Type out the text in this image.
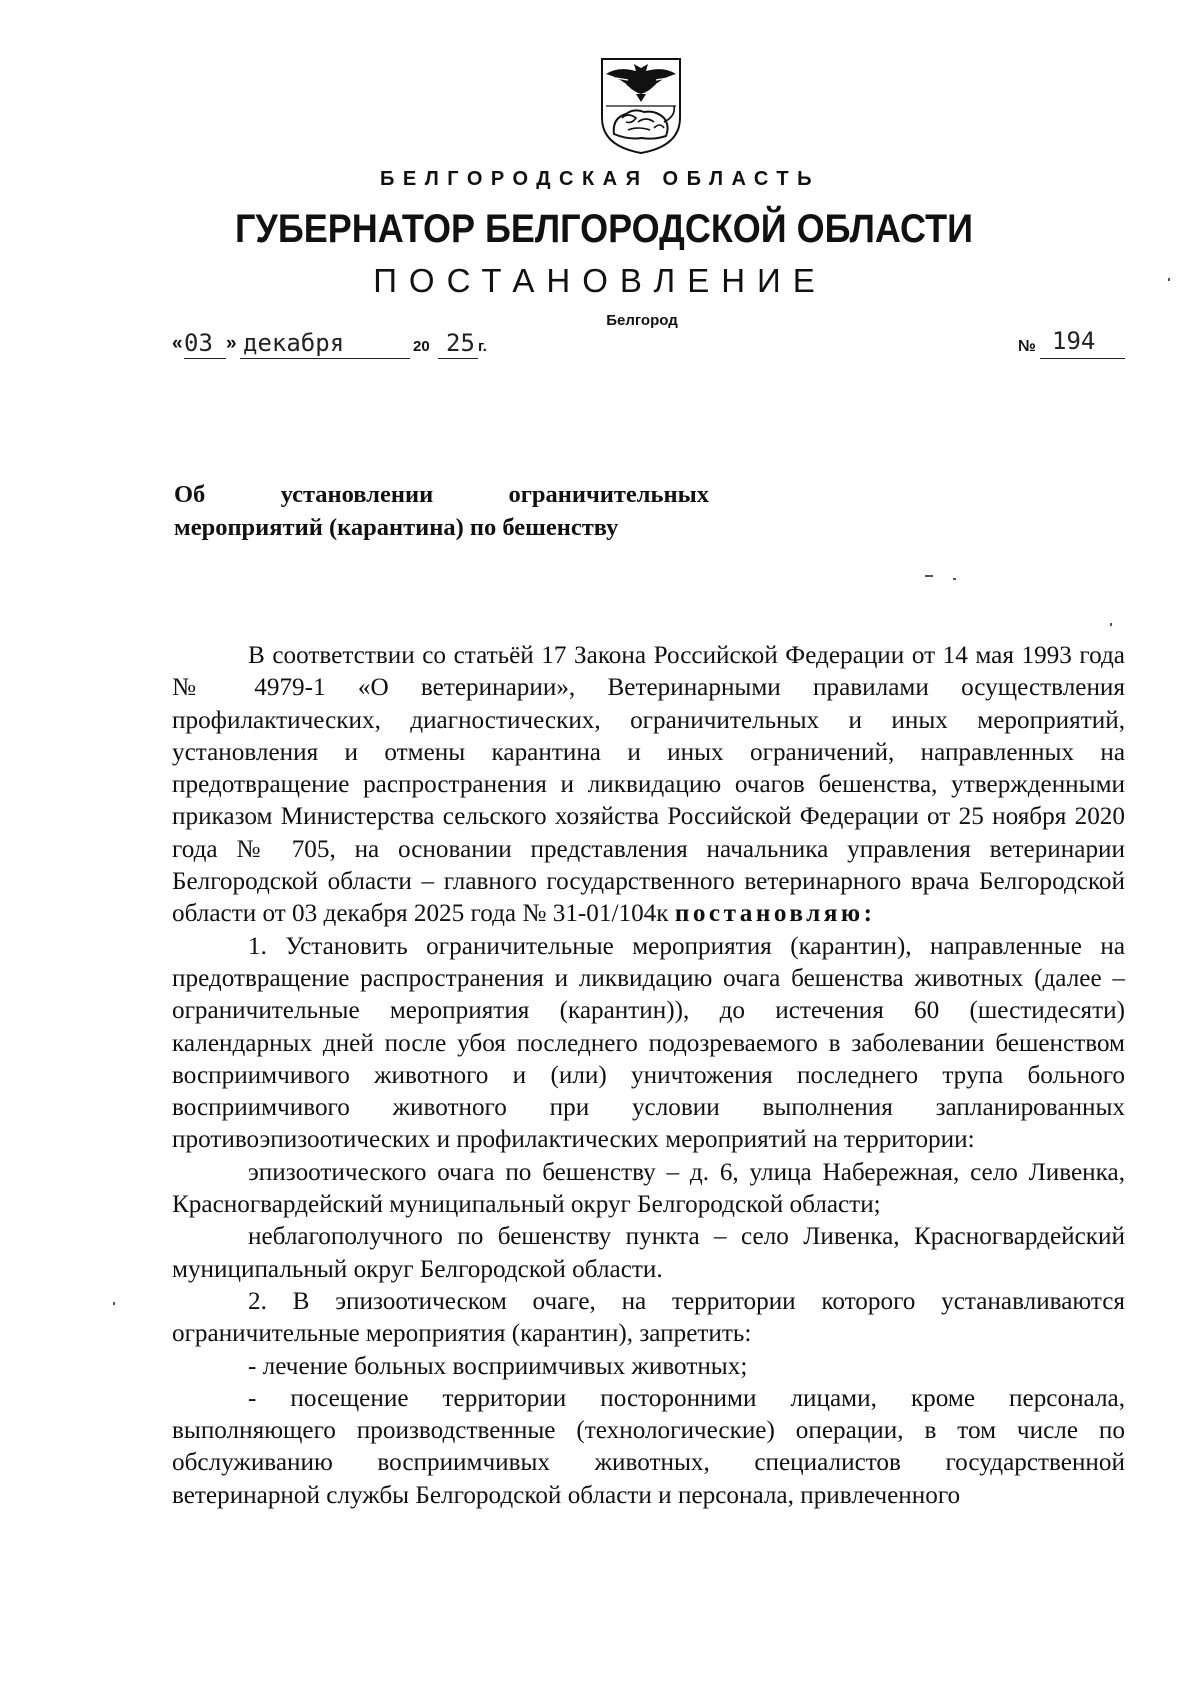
БЕЛГОРОДСКАЯ ОБЛАСТЬ
ГУБЕРНАТОР БЕЛГОРОДСКОЙ ОБЛАСТИ
ПОСТАНОВЛЕНИЕ
Белгород
« 03 » декабря	20 25 г.	№ 194
Об	установлении	ограничительных
мероприятий (карантина) по бешенству

В соответствии со статьёй 17 Закона Российской Федерации от 14 мая 1993 года № 4979-1 «О ветеринарии», Ветеринарными правилами осуществления профилактических, диагностических, ограничительных и иных мероприятий, установления и отмены карантина и иных ограничений, направленных на предотвращение распространения и ликвидацию очагов бешенства, утвержденными приказом Министерства сельского хозяйства Российской Федерации от 25 ноября 2020 года № 705, на основании представления начальника управления ветеринарии Белгородской области – главного государственного ветеринарного врача Белгородской области от 03 декабря 2025 года № 31-01/104к постановляю:

1. Установить ограничительные мероприятия (карантин), направленные на предотвращение распространения и ликвидацию очага бешенства животных (далее – ограничительные мероприятия (карантин)), до истечения 60 (шестидесяти) календарных дней после убоя последнего подозреваемого в заболевании бешенством восприимчивого животного и (или) уничтожения последнего трупа больного восприимчивого животного при условии выполнения запланированных противоэпизоотических и профилактических мероприятий на территории:

эпизоотического очага по бешенству – д. 6, улица Набережная, село Ливенка, Красногвардейский муниципальный округ Белгородской области;

неблагополучного по бешенству пункта – село Ливенка, Красногвардейский муниципальный округ Белгородской области.

2. В эпизоотическом очаге, на территории которого устанавливаются ограничительные мероприятия (карантин), запретить:

- лечение больных восприимчивых животных;

- посещение территории посторонними лицами, кроме персонала, выполняющего производственные (технологические) операции, в том числе по обслуживанию восприимчивых животных, специалистов государственной ветеринарной службы Белгородской области и персонала, привлеченного
